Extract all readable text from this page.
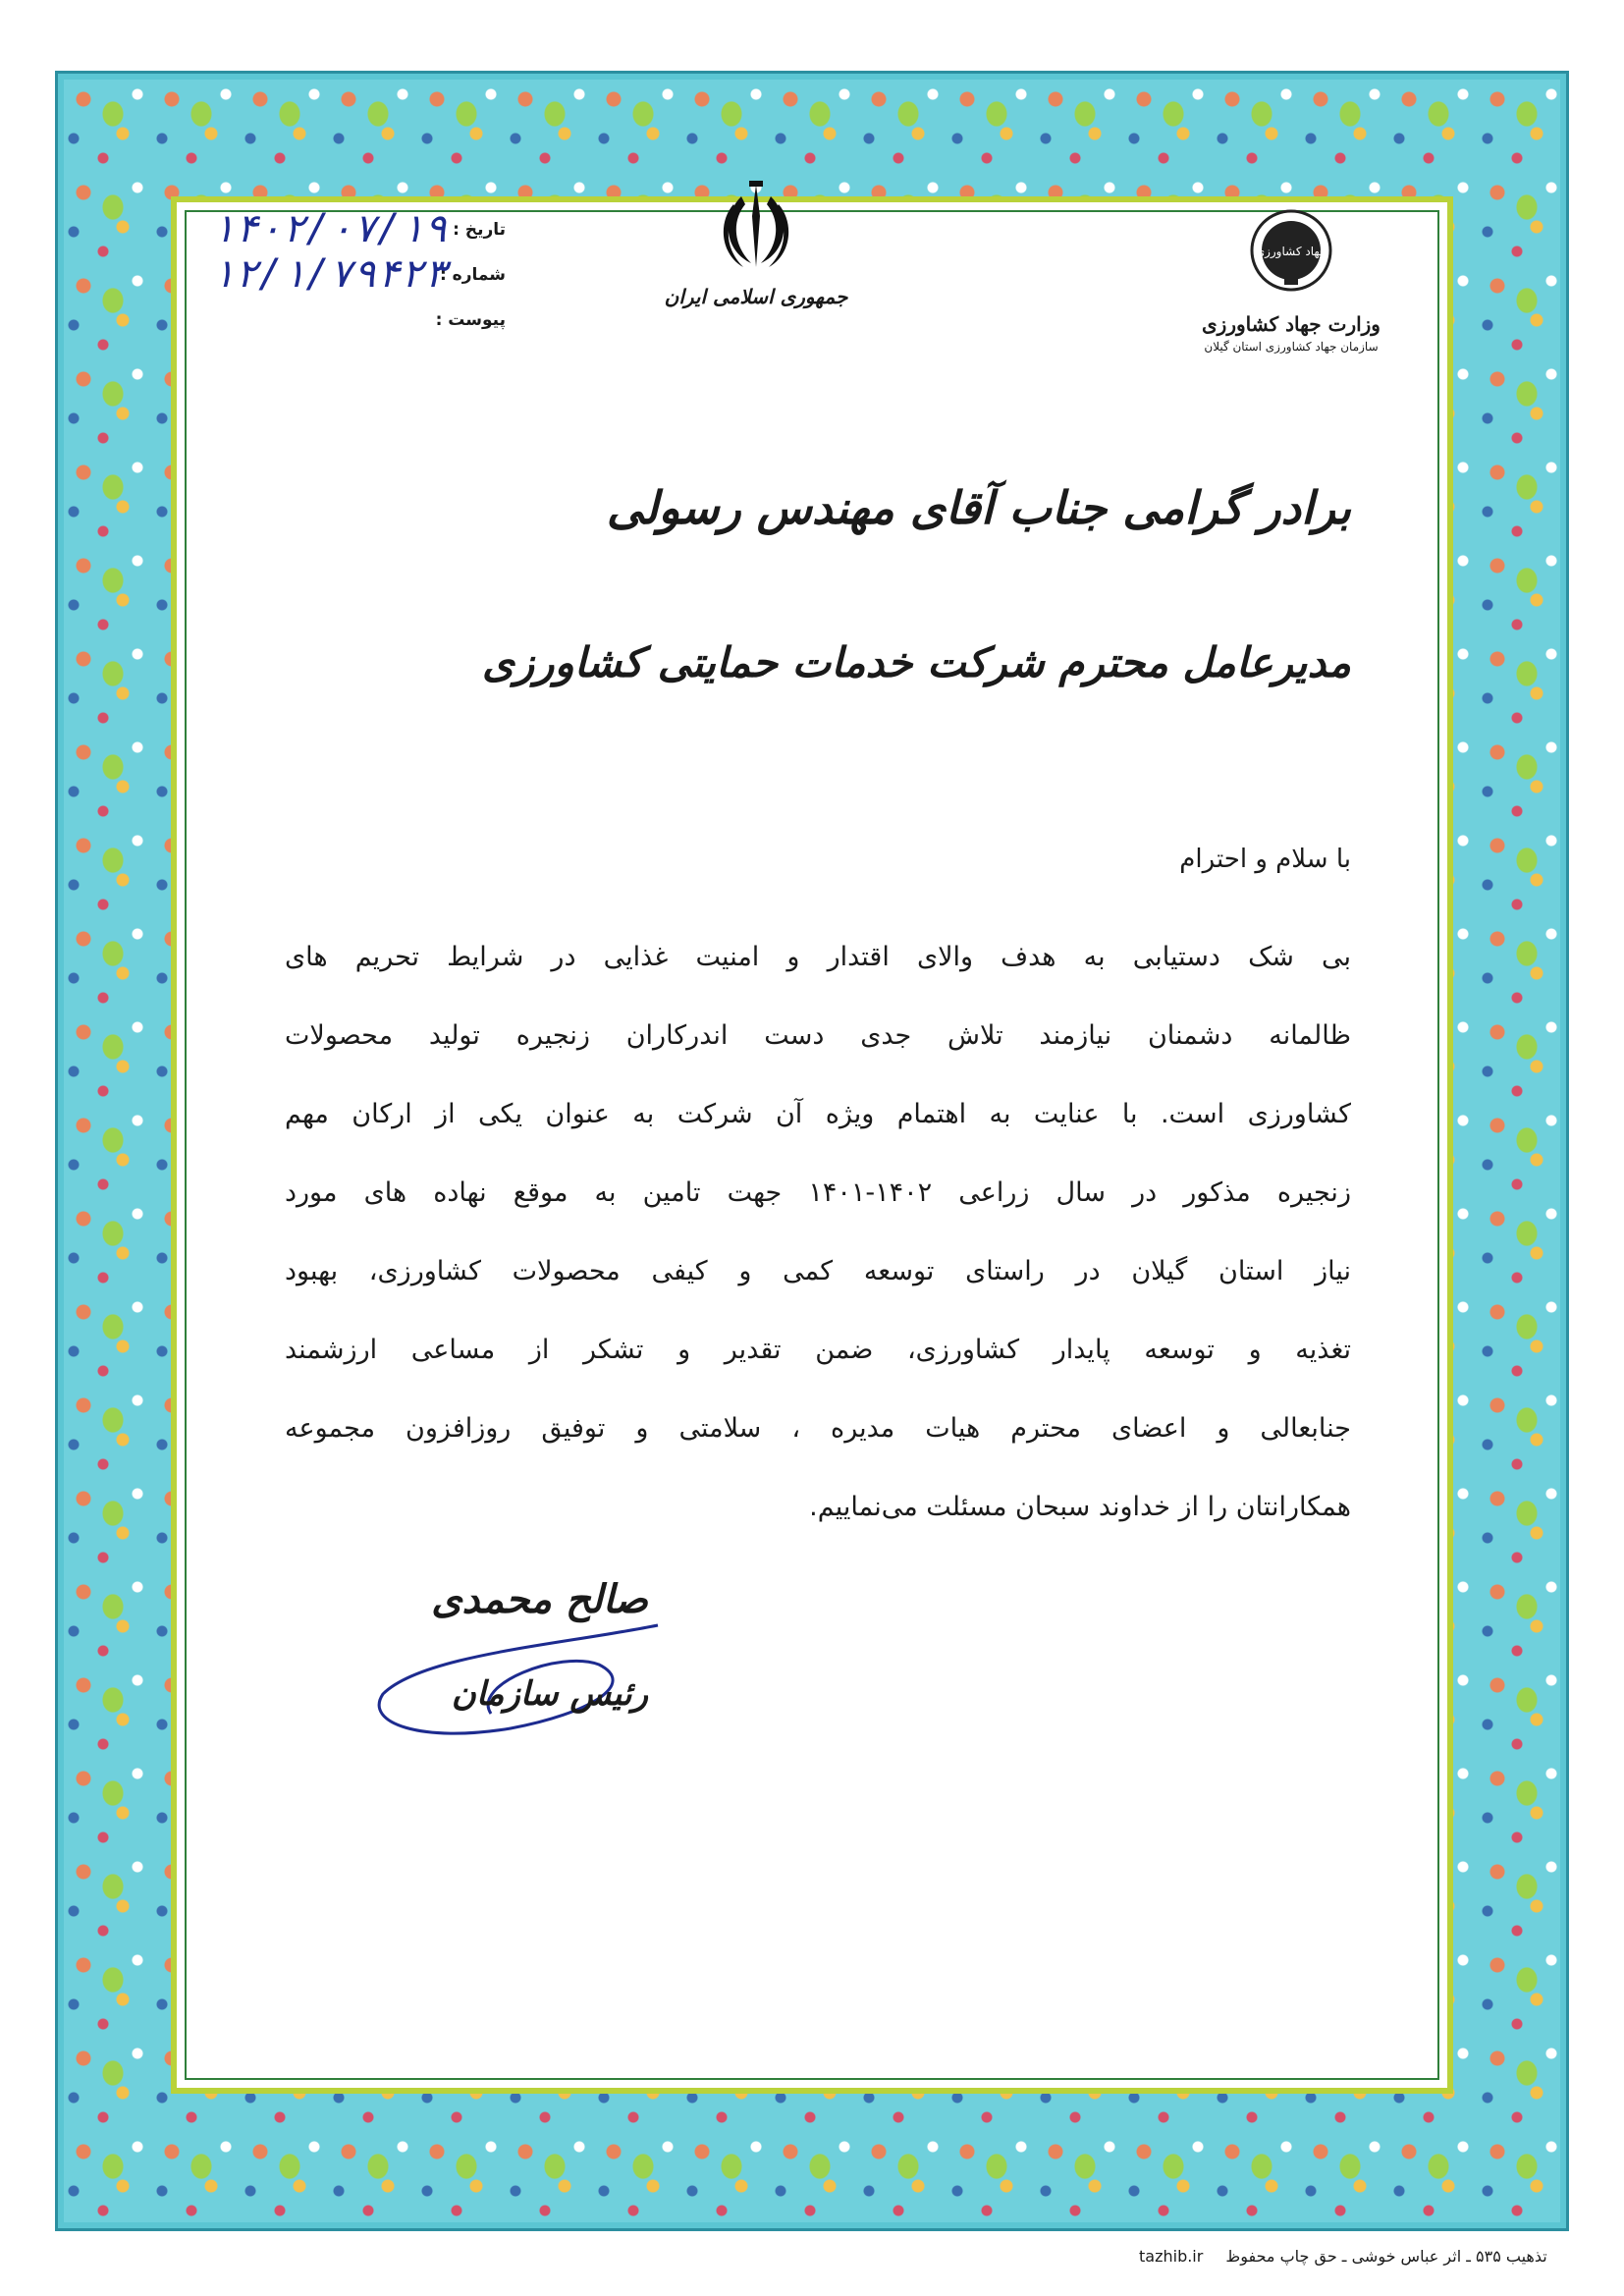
جهاد کشاورزی
وزارت جهاد کشاورزی
سازمان جهاد کشاورزی استان گیلان
جمهوری اسلامی ایران
تاریخ :
۱۴۰۲/۰۷/۱۹
شماره :
۱۲/۱/۷۹۴۲۳
پیوست :
برادر گرامی جناب آقای مهندس رسولی
مدیرعامل محترم شرکت خدمات حمایتی کشاورزی
با سلام و احترام
بی شک دستیابی به هدف والای اقتدار و امنیت غذایی در شرایط تحریم های
ظالمانه دشمنان نیازمند تلاش جدی دست اندرکاران زنجیره تولید محصولات
کشاورزی است. با عنایت به اهتمام ویژه آن شرکت به عنوان یکی از ارکان مهم
زنجیره مذکور در سال زراعی ۱۴۰۲-۱۴۰۱ جهت تامین به موقع نهاده های مورد
نیاز استان گیلان در راستای توسعه کمی و کیفی محصولات کشاورزی، بهبود
تغذیه و توسعه پایدار کشاورزی، ضمن تقدیر و تشکر از مساعی ارزشمند
جنابعالی و اعضای محترم هیات مدیره ، سلامتی و توفیق روزافزون مجموعه
همکارانتان را از خداوند سبحان مسئلت می‌نماییم.
صالح محمدی
رئیس سازمان
tazhib.ir تذهیب ۵۳۵ ـ اثر عباس خوشی ـ حق چاپ محفوظ
